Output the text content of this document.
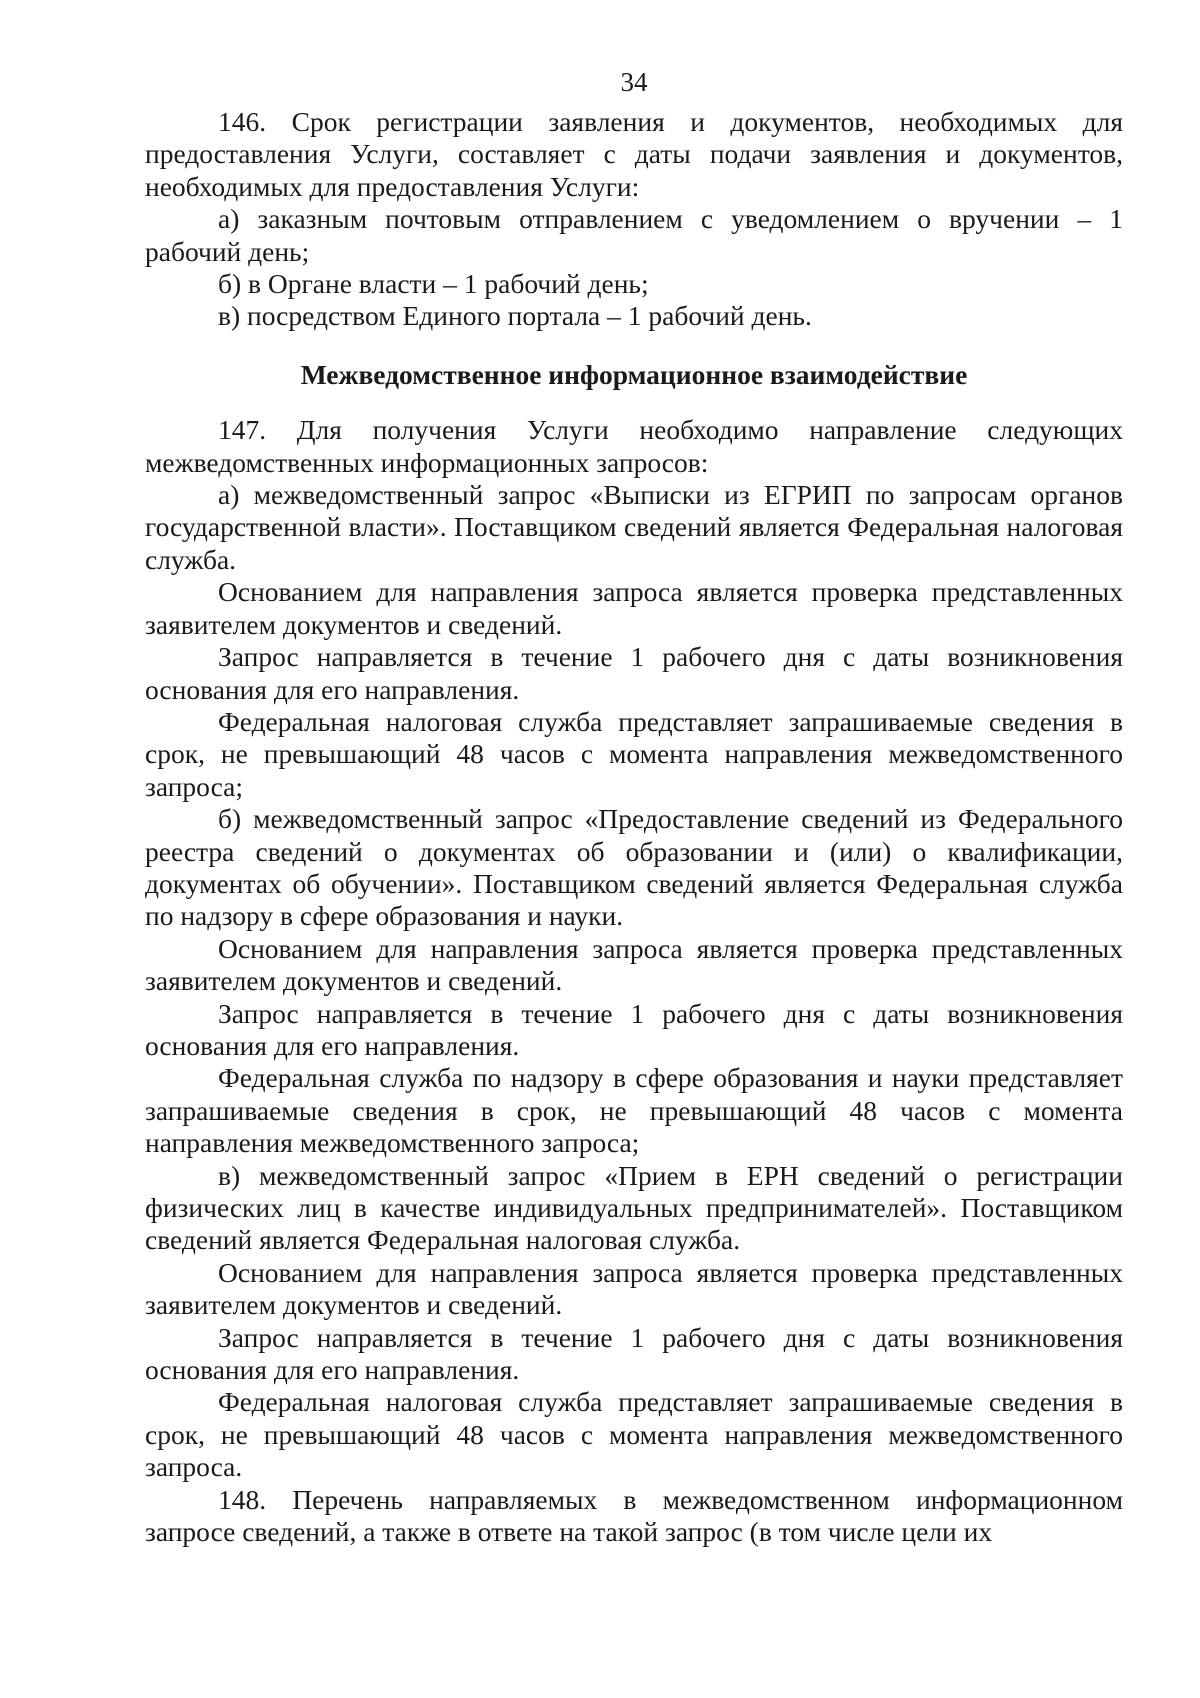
34

146. Срок регистрации заявления и документов, необходимых для предоставления Услуги, составляет с даты подачи заявления и документов, необходимых для предоставления Услуги:

а) заказным почтовым отправлением с уведомлением о вручении – 1 рабочий день;

б) в Органе власти – 1 рабочий день;

в) посредством Единого портала – 1 рабочий день.

Межведомственное информационное взаимодействие

147. Для получения Услуги необходимо направление следующих межведомственных информационных запросов:

а) межведомственный запрос «Выписки из ЕГРИП по запросам органов государственной власти». Поставщиком сведений является Федеральная налоговая служба.

Основанием для направления запроса является проверка представленных заявителем документов и сведений.

Запрос направляется в течение 1 рабочего дня с даты возникновения основания для его направления.

Федеральная налоговая служба представляет запрашиваемые сведения в срок, не превышающий 48 часов с момента направления межведомственного запроса;

б) межведомственный запрос «Предоставление сведений из Федерального реестра сведений о документах об образовании и (или) о квалификации, документах об обучении». Поставщиком сведений является Федеральная служба по надзору в сфере образования и науки.

Основанием для направления запроса является проверка представленных заявителем документов и сведений.

Запрос направляется в течение 1 рабочего дня с даты возникновения основания для его направления.

Федеральная служба по надзору в сфере образования и науки представляет запрашиваемые сведения в срок, не превышающий 48 часов с момента направления межведомственного запроса;

в) межведомственный запрос «Прием в ЕРН сведений о регистрации физических лиц в качестве индивидуальных предпринимателей». Поставщиком сведений является Федеральная налоговая служба.

Основанием для направления запроса является проверка представленных заявителем документов и сведений.

Запрос направляется в течение 1 рабочего дня с даты возникновения основания для его направления.

Федеральная налоговая служба представляет запрашиваемые сведения в срок, не превышающий 48 часов с момента направления межведомственного запроса.

148. Перечень направляемых в межведомственном информационном запросе сведений, а также в ответе на такой запрос (в том числе цели их
